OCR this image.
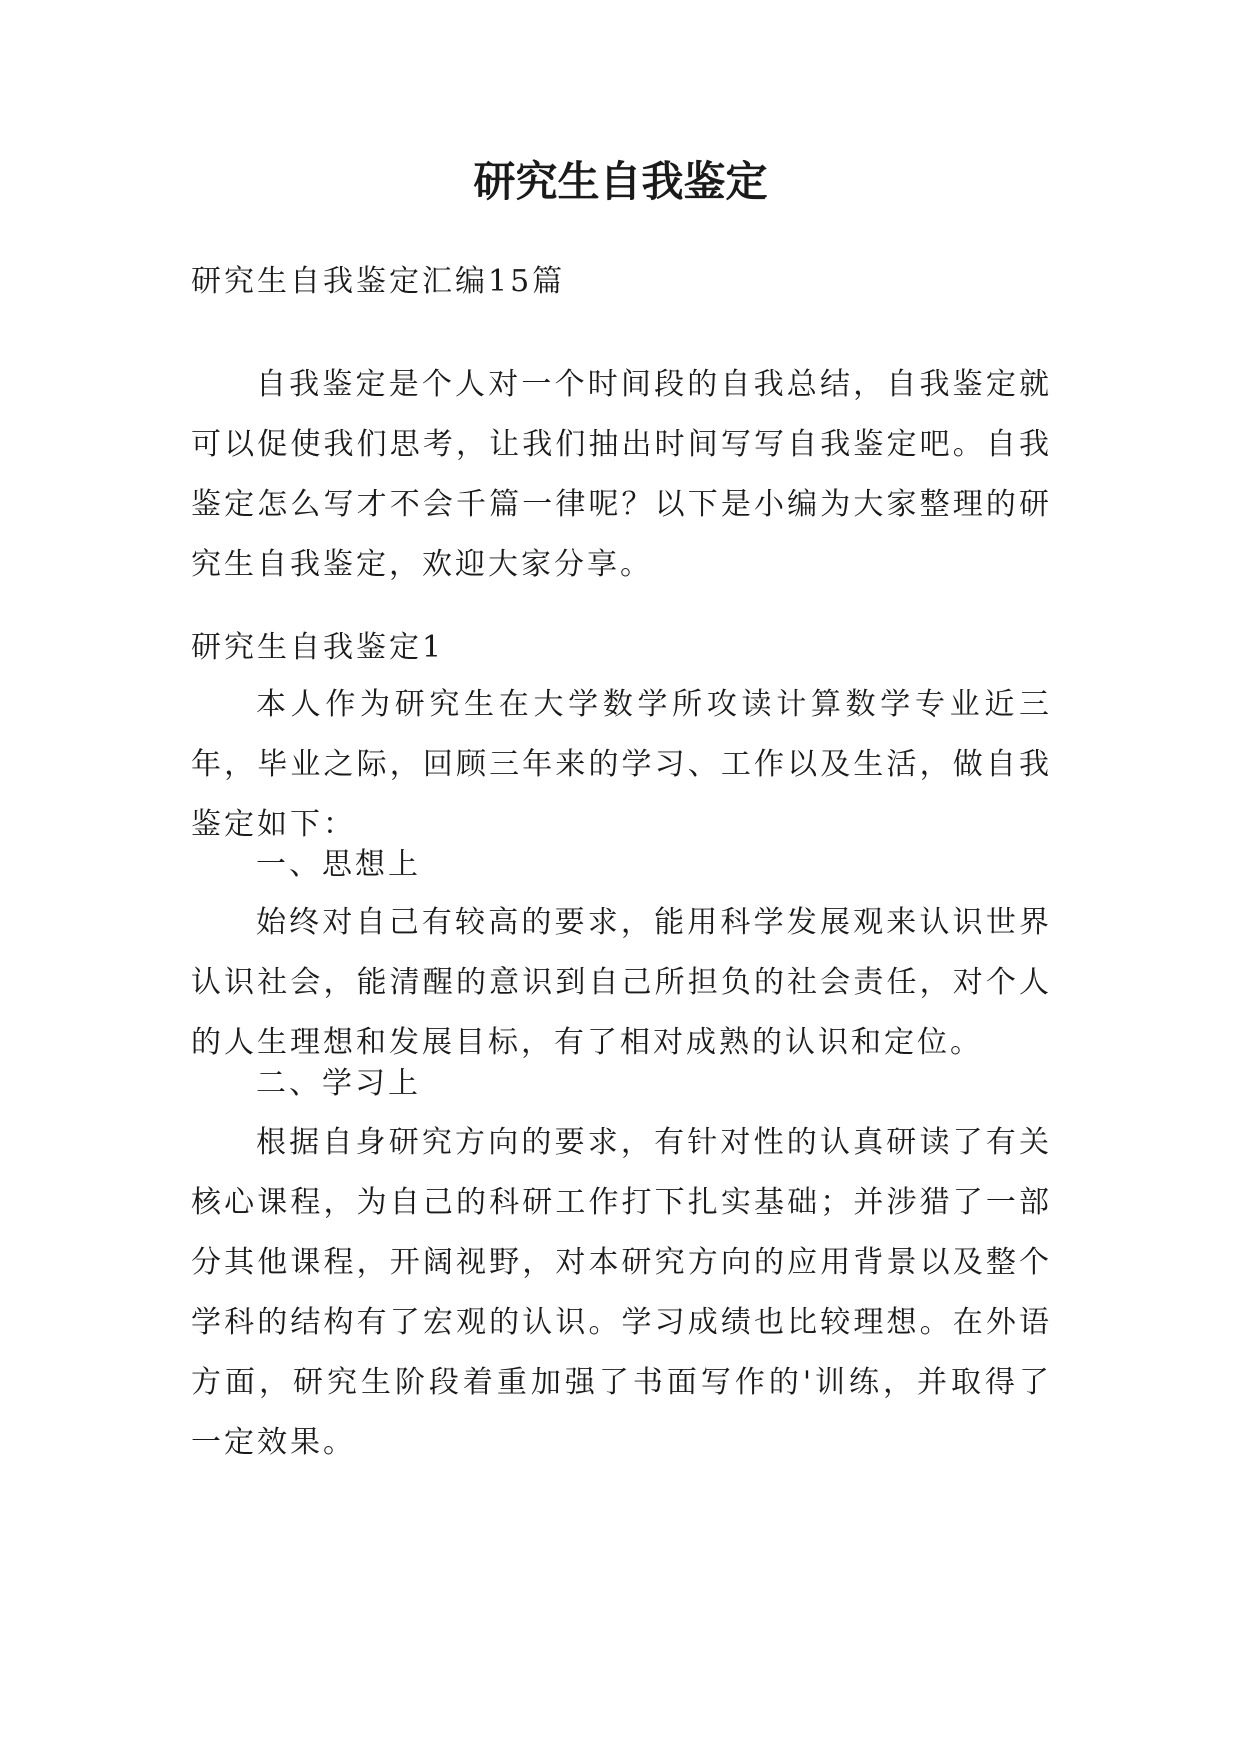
研究生自我鉴定

研究生自我鉴定汇编15篇

自我鉴定是个人对一个时间段的自我总结，自我鉴定就可以促使我们思考，让我们抽出时间写写自我鉴定吧。自我鉴定怎么写才不会千篇一律呢？以下是小编为大家整理的研究生自我鉴定，欢迎大家分享。

研究生自我鉴定1

本人作为研究生在大学数学所攻读计算数学专业近三年，毕业之际，回顾三年来的学习、工作以及生活，做自我鉴定如下：

一、思想上

始终对自己有较高的要求，能用科学发展观来认识世界认识社会，能清醒的意识到自己所担负的社会责任，对个人的人生理想和发展目标，有了相对成熟的认识和定位。

二、学习上

根据自身研究方向的要求，有针对性的认真研读了有关核心课程，为自己的科研工作打下扎实基础；并涉猎了一部分其他课程，开阔视野，对本研究方向的应用背景以及整个学科的结构有了宏观的认识。学习成绩也比较理想。在外语方面，研究生阶段着重加强了书面写作的'训练，并取得了一定效果。
